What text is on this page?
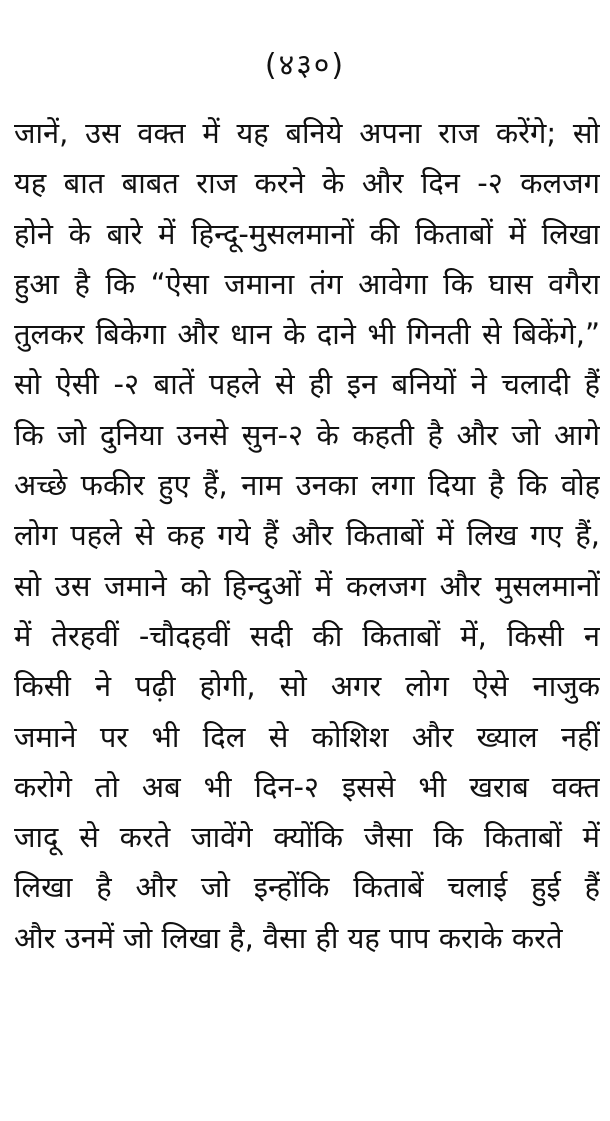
(४३०)
जानें, उस वक्त में यह बनिये अपना राज करेंगे; सो
यह बात बाबत राज करने के और दिन -२ कलजग
होने के बारे में हिन्दू-मुसलमानों की किताबों में लिखा
हुआ है कि “ऐसा जमाना तंग आवेगा कि घास वगैरा
तुलकर बिकेगा और धान के दाने भी गिनती से बिकेंगे,”
सो ऐसी -२ बातें पहले से ही इन बनियों ने चलादी हैं
कि जो दुनिया उनसे सुन-२ के कहती है और जो आगे
अच्छे फकीर हुए हैं, नाम उनका लगा दिया है कि वोह
लोग पहले से कह गये हैं और किताबों में लिख गए हैं,
सो उस जमाने को हिन्दुओं में कलजग और मुसलमानों
में तेरहवीं -चौदहवीं सदी की किताबों में, किसी न
किसी ने पढ़ी होगी, सो अगर लोग ऐसे नाजुक
जमाने पर भी दिल से कोशिश और ख्याल नहीं
करोगे तो अब भी दिन-२ इससे भी खराब वक्त
जादू से करते जावेंगे क्योंकि जैसा कि किताबों में
लिखा है और जो इन्होंकि किताबें चलाई हुई हैं
और उनमें जो लिखा है, वैसा ही यह पाप कराके करते
